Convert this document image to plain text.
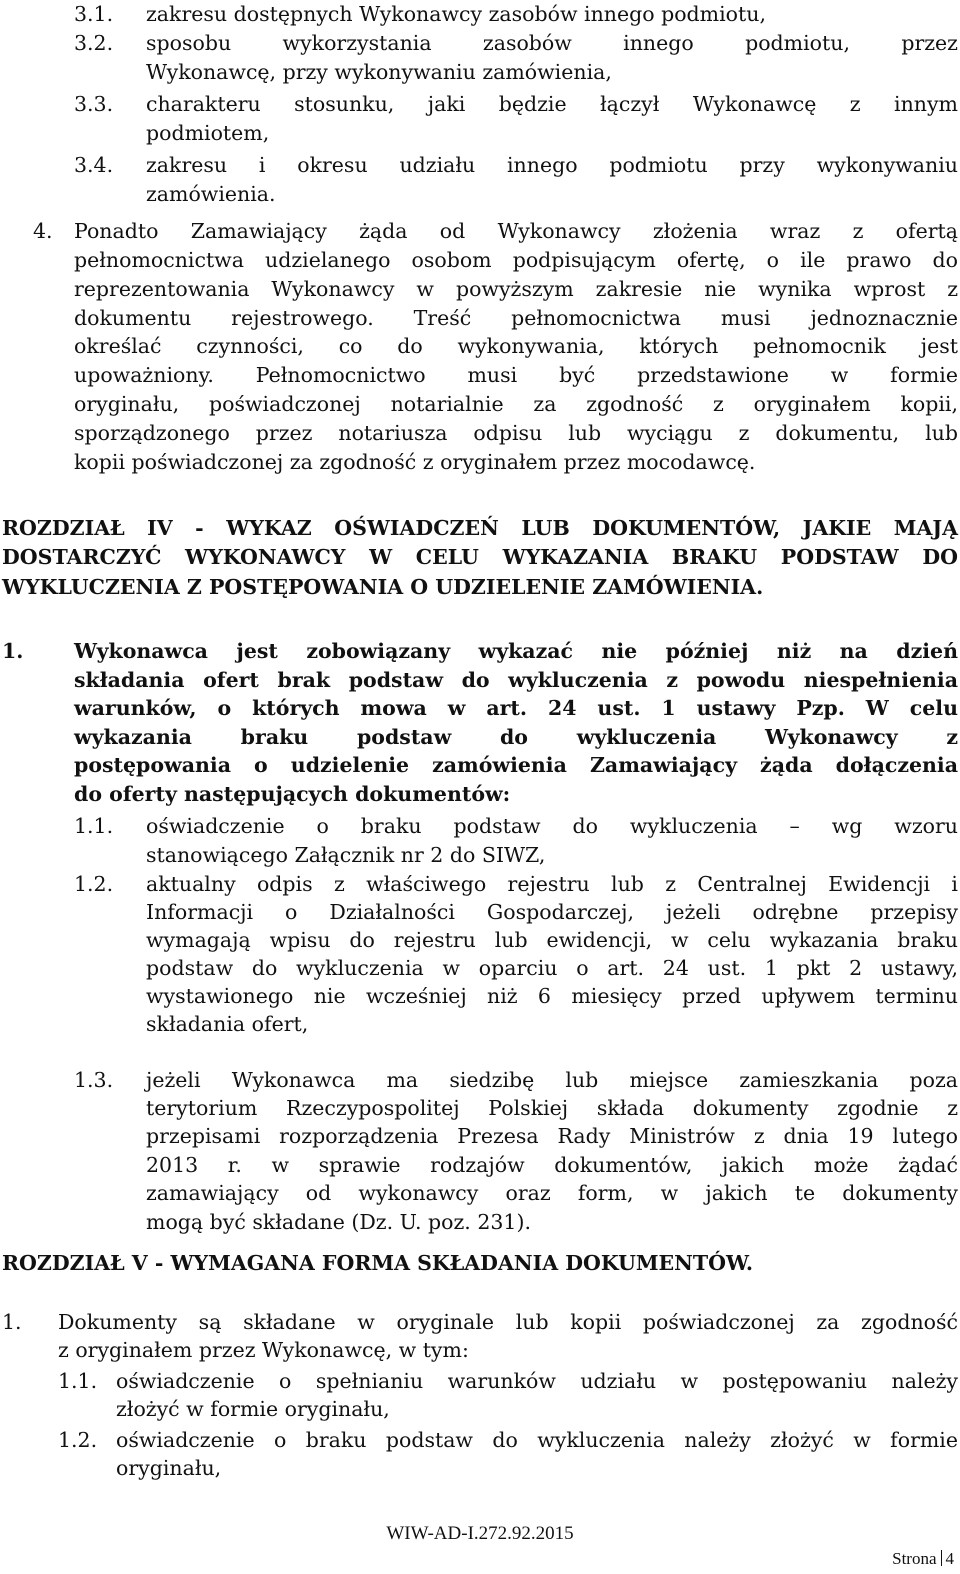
3.1. zakresu dostępnych Wykonawcy zasobów innego podmiotu,
3.2. sposobu wykorzystania zasobów innego podmiotu, przez
Wykonawcę, przy wykonywaniu zamówienia,
3.3. charakteru stosunku, jaki będzie łączył Wykonawcę z innym
podmiotem,
3.4. zakresu i okresu udziału innego podmiotu przy wykonywaniu
zamówienia.
4. Ponadto Zamawiający żąda od Wykonawcy złożenia wraz z ofertą
pełnomocnictwa udzielanego osobom podpisującym ofertę, o ile prawo do
reprezentowania Wykonawcy w powyższym zakresie nie wynika wprost z
dokumentu rejestrowego. Treść pełnomocnictwa musi jednoznacznie
określać czynności, co do wykonywania, których pełnomocnik jest
upoważniony. Pełnomocnictwo musi być przedstawione w formie
oryginału, poświadczonej notarialnie za zgodność z oryginałem kopii,
sporządzonego przez notariusza odpisu lub wyciągu z dokumentu, lub
kopii poświadczonej za zgodność z oryginałem przez mocodawcę.
ROZDZIAŁ IV - WYKAZ OŚWIADCZEŃ LUB DOKUMENTÓW, JAKIE MAJĄ
DOSTARCZYĆ WYKONAWCY W CELU WYKAZANIA BRAKU PODSTAW DO
WYKLUCZENIA Z POSTĘPOWANIA O UDZIELENIE ZAMÓWIENIA.
1. Wykonawca jest zobowiązany wykazać nie później niż na dzień
składania ofert brak podstaw do wykluczenia z powodu niespełnienia
warunków, o których mowa w art. 24 ust. 1 ustawy Pzp. W celu
wykazania braku podstaw do wykluczenia Wykonawcy z
postępowania o udzielenie zamówienia Zamawiający żąda dołączenia
do oferty następujących dokumentów:
1.1. oświadczenie o braku podstaw do wykluczenia – wg wzoru
stanowiącego Załącznik nr 2 do SIWZ,
1.2. aktualny odpis z właściwego rejestru lub z Centralnej Ewidencji i
Informacji o Działalności Gospodarczej, jeżeli odrębne przepisy
wymagają wpisu do rejestru lub ewidencji, w celu wykazania braku
podstaw do wykluczenia w oparciu o art. 24 ust. 1 pkt 2 ustawy,
wystawionego nie wcześniej niż 6 miesięcy przed upływem terminu
składania ofert,
1.3. jeżeli Wykonawca ma siedzibę lub miejsce zamieszkania poza
terytorium Rzeczypospolitej Polskiej składa dokumenty zgodnie z
przepisami rozporządzenia Prezesa Rady Ministrów z dnia 19 lutego
2013 r. w sprawie rodzajów dokumentów, jakich może żądać
zamawiający od wykonawcy oraz form, w jakich te dokumenty
mogą być składane (Dz. U. poz. 231).
ROZDZIAŁ V - WYMAGANA FORMA SKŁADANIA DOKUMENTÓW.
1. Dokumenty są składane w oryginale lub kopii poświadczonej za zgodność
z oryginałem przez Wykonawcę, w tym:
1.1. oświadczenie o spełnianiu warunków udziału w postępowaniu należy
złożyć w formie oryginału,
1.2. oświadczenie o braku podstaw do wykluczenia należy złożyć w formie
oryginału,
WIW-AD-I.272.92.2015
Strona 4
